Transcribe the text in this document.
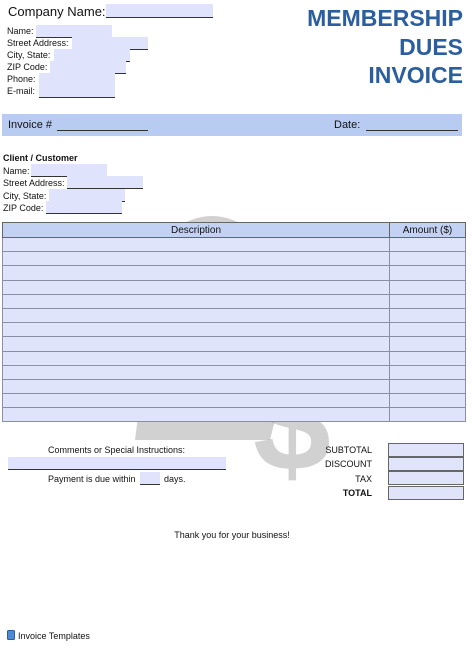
Company Name:
Name:
Street Address:
City, State:
ZIP Code:
Phone:
E-mail:
MEMBERSHIP
DUES
INVOICE
Invoice #	Date:
Client / Customer
Name:
Street Address:
City, State:
ZIP Code:
Description	Amount ($)

Comments or Special Instructions:
Payment is due within	days.
SUBTOTAL
DISCOUNT
TAX
TOTAL
Thank you for your business!
Invoice Templates
